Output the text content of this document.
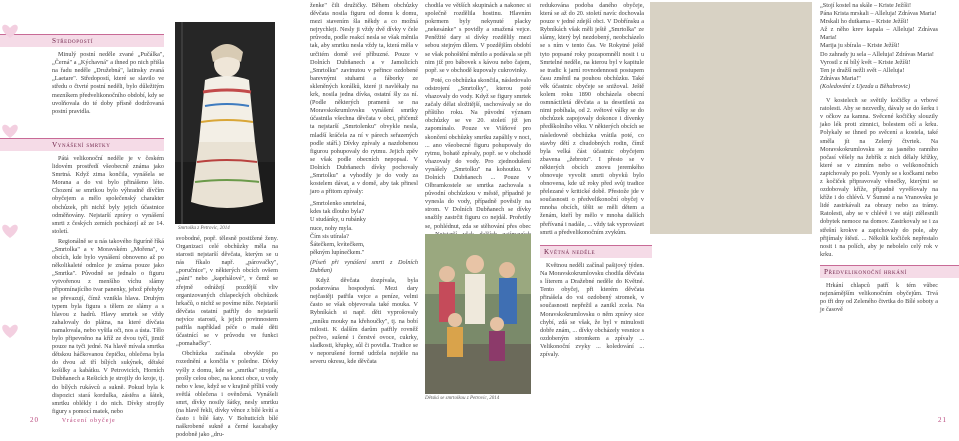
Středopostí

Minulý postní neděle zvané „Pučálka", „Černá" a „Kýchavná" a ihned po nich přišla na řadu neděle „Družebná", latinsky zvaná „Laetare". Středopostí, které se slavilo ve středu o čtvrté postní neděli, bylo důležitým mezníkem předvelikonočního období, kdy se uvolňovala do té doby přísně dodržovaná postní pravidla.

Vynášení smrtky

Pátá velikonoční neděle je v českém lidovém prostředí všeobecně známa jako Smrtná. Když zima končila, vynášela se Morana a do vsi bylo přinášeno léto. Chození se smrtkou bylo výhradně dívčím obyčejem a mělo společenský charakter obchůzek, při nichž byly jejich účastnice odměňovány. Nejstarší zprávy o vynášení smrti z českých zemích pocházejí až ze 14. století.

Regionálně se u nás takového figuríně říká „Smrtolka" a v Moravském „Mořena", v obcích, kde bylo vynášení obnoveno až po několikaleté odmlce je známa pouze jako „Smrtka". Původně se jednalo o figuru vytvořenou z menšího víchu slámy připomínajícího tvar panenky, jehož přehyby se převazují, čímž vznikla hlava. Druhým typem byla figura s tělem ze slámy a s hlavou z hadrů. Hlavy smrtek se vždy zahalovaly do plátna, na které dívčata namalovala, nebo vyšila oči, nos a ústa. Tělo bylo připevněno na kříž ze dvou tyčí, jimiž pouze na tyči jedné. Na hlavě mívala smrtka dětskou háčkovanou čepičku, oblečena byla do dvou až tří bílých sukýnek, dětské košilky a kabátku. V Petrovicích, Horních Dubňanech a Rešicích je strojily do kroje, tj. do bílých rukávců a sukně. Pokud byla k dispozici stará kordulka, zástěra a šátek, smrtku oblékly i do nich. Dívky strojily figury s pomocí matek, nebo

Smrtolka z Petrovic, 2014

svobodné, popř. tělesně postižené ženy. Organizaci celé obchůzky měla na starosti nejstarší děvčata, kterým se u nás říkalo např. „párovačky", „poručnice", v některých obcích ovšem „páni" nebo „kaprhálové", v čemž se zřejmě odrážejí pozdější vliv organizovaných chlapeckých obchůzek hrkačů, o nichž se povíme níže. Nejstarší děvčata ostatní patřily do nejstarší nejvíce starostí, k jejich povinnostem patřila například péče o malé děti účastnící se v průvodu ve funkci „pomahačky".

Obchůzka začínala obvykle po rozednění a končila v poledne. Dívky vyšly z domu, kde se „smrtka" strojila, prošly celou obec, na konci obce, u vody nebo v lese, když se v krajině příliš vody světlá oblečena i ověnčená. Vynášeli smrt, dívky nosily šátky, nesly smrtku (na hlavě řekli, dívky věnce z bílé kvítí a často i bílé šaty. V Bohuticích bílé naškrobené sukně a černé kacabajky podobně jako „dru-

ženke" čili družičky. Během obchůzky děvčata nosila figuru od domu k domu, mezi stavením šla někdy a co možná nejrychleji. Nesly ji vždy dvě dívky v čele průvodu, podle reakcí nesla se však měnila tak, aby smrtku nesla vždy ta, která měla v určitém domě své příbuzné. Pouze v Dolních Dubňanech a v Jamolicích „Smrtolku" zavinutou v peřince ozdobené barevnými stuhami a fáborky ze skleněných korálků, které ji navlékaly na krk, nosila jedna dívka, ostatní šly za ní. (Podle některých pramenů se na Moravskokrumlovsku vynášení smrtky účastnila všechna děvčata v obci, přičemž ta nejstarší „Smrtolenku" obvykle nesla, mladší kráčela za ní v párech seřazených podle stáří.) Dívky zpívaly a nazdobenou figurou pohupovaly do rytmu. Jejich zpěv se však podle obecních nepopsal. V Dolních Dubňanech dívky pochovaly „Smrtolku" a vyhodily je do vody za kostelem dávat, a v domě, aby tak přinesl jaro a přitom zpívaly:

„Smrtolenko smrtelná,
kdes tak dlouho byla?
U studánky, u rubánky
nuce, nohy myla.
Čím sis utírala?
Šátečkem, kvítečkem,
pěkným lupínečkem."

(Píseň při vynášení smrti z Dolních Dubňan)

Když děvčata dozpívala, byla podarována hospodyní. Mezi dary nejčastěji patřila vejce a peníze, velmi často se však objevovala také mouka. V Rybníkách si např. děti vyprošovaly „mníku mouky na křehoučky", tj. na bobí milosti. K dalším darům patřily rovněž pečivo, sušené i čerstvé ovoce, cukrky, sladkosti, křupky, sůl či povidla. Tradice se v neporušené formě udržela nejdéle na severu okresu, kde děvčata

chodila ve větších skupinách a nakonec si společně rozdělila hostinu. Hlavním pokrmem byly nekynuté placky „nekesánke" s povidly a smažená vejce. Peněžité dary si dívky rozdělily mezi sebou stejným dílem. V pozdějším období se však pohoštění měnilo a podávala se při nim již pro bábovek s kávou nebo čajem, popř. se v obchodě kupovaly cukrovinky.

Poté, co obchůzka skončila, následovalo odstrojení „Smrtolky", kterou poté vhazovaly do vody. Když se figury smrtek začaly dělat složitější, uschovávaly se do příštího roku. Na původní význam obchůzky se ve 20. století již jen zapomínalo. Pouze ve Višňové pro skončení obchůzky smrtku zapálily v noci, ... ano všeobecné figuru pohupovaly do rytmu, bohatě zpívaly, popř. se v obchodě vhazovaly do vody. Pro zjednodušení vynášely „Smrtolku" na kohoutku. V Dolních Dubňanech ... Pouze v Olbramkostele se smrtka zachovala s původní obchůzkou v městě, případně je vynesla do vody, případně pověsily na strom. V Dolních Dubňanech se dívky snažily zastrčit figuru co nejdál. Prořetily se, pohlédnut, zda se stěhování přes obec

Dětská se smrtolkou z Petrovic, 2014

redukována podoba daného obyčeje, která se až do 20. století navíc dochovala pouze v jedné zdejší obci. V Dobřínsku a Rybníkách však měli ještě „Smrtolka" ze slámy, který byl nezdobený, neobcházelo se s ním v tento čas. Ve Rokytné ještě tyto popsané roky pozapomněli nosit i u Smrtelné neděle, na kterou byl v kapitule se tradic k jarní rovnodennosti postupem času změnil na pouhou obchůzku. Také věk účastnic obyčeje se snižoval. Ještě kolem roku 1890 obcházela obecní osmnáctiletá děvčata a ta desetiletá za nimi pobíhala, od 2. světové války se do obchůzek zapojovaly dokonce i dívenky předškolního věku. V některých obcích se následovně obchůzka vrátila poté, co stavby dětí z chudobných rodin, čímž byla velká část účastnic obyčejem zbavena „žebrotu". I přesto se v některých obcích znovu jeremkého obnovuje vyvolit smrti obyvků bylo obnovena, kde už roky před svůj tradice přelezané v kritické době. Přestože jde v současnosti o předvelikonoční obyčej v mnoha obcích, těšit se měli dětem a ženám, kteří by mělo v mnoha dalších přeřívaná i nadále, ... vždy tak vyprovázet smrti a předvelikonočním zvykům.

Květná neděle

Květnou neděli začínal pašijový týden. Na Moravskokrumlovsku chodila děvčata s líterem a Dražebné neděle do Květné. Tento obyčej, při kterém děvčata přinášela do vsi ozdobený stromek, v současnosti nepřežil a zanikl zcela. Na Moravskokrumlovsku o něm zprávy sice chybí, zdá se však, že byl v minulosti dobře znám, ... dívky obcházely vesnice s ozdobeným stromkem a zpívaly ... Velikonoční zvyky ... koledování ... zpívaly.

„Stojí kostel na skále – Kriste Ježíši!
Pána Krista mrskali – Alleluja! Zdrávas Maria!
Mrskali ho dutkama – Kriste Ježíši!
Až z něho krev kapala – Alleluja! Zdrávas Maria!
Marija ju sbírala – Kriste Ježíši!
Do zahrady ju sela – Alleluja! Zdrávas Maria!
Vyrostl z ní bílý květ – Kriste Ježíši!
Ten je dražší nežli svět – Alleluja!
Zdrávas Maria!"

(Koledování z Ujezda u Běhabrovic)

V kostelech se světily kočičky a vrbové ratolesti. Aby se nezvedly, dávaly se do šerku i v očkov za kamna. Svěcené kočičky slouzily jako lék proti zimnici, bolestem očí a krku. Polykaly se ihned po svěcení a kostela, také směla jít na Zelený čtvrtek. Na Moravskokrumlovsku se za jasného ranního počasí věšely na žebřík z nich dělaly křížky, které se v zimním nebo o velikonočních zapichovaly po poli. Vyonly se s kočkami nebo z kočiček připravovaly věnečky, kterými se ozdobovaly kříže, případně vyvěšovaly na kříže i do chlévů. V Šumné a na Vranovsku je lidé zastrkávali za obrazy nebo za trámy. Ratolesti, aby se v chlévě i ve stáji ztělesnili dobytek nemoce na domov. Zastrkovaly se i za střešní krokve a zapichovaly do pole, aby přijímaly štěstí. ... Několik kočiček nepřestalo nosit i na polích, aby je nebolelo celý rok v krku.

Předvelikonoční hrkání

Hrkání chlapců patří k tém vůbec nejznámějším velikonočním obyčejům. Trvá po tři dny od Zeleného čtvrtka do Bílé soboty a je časově

20	Vrácení obyčeje	21
